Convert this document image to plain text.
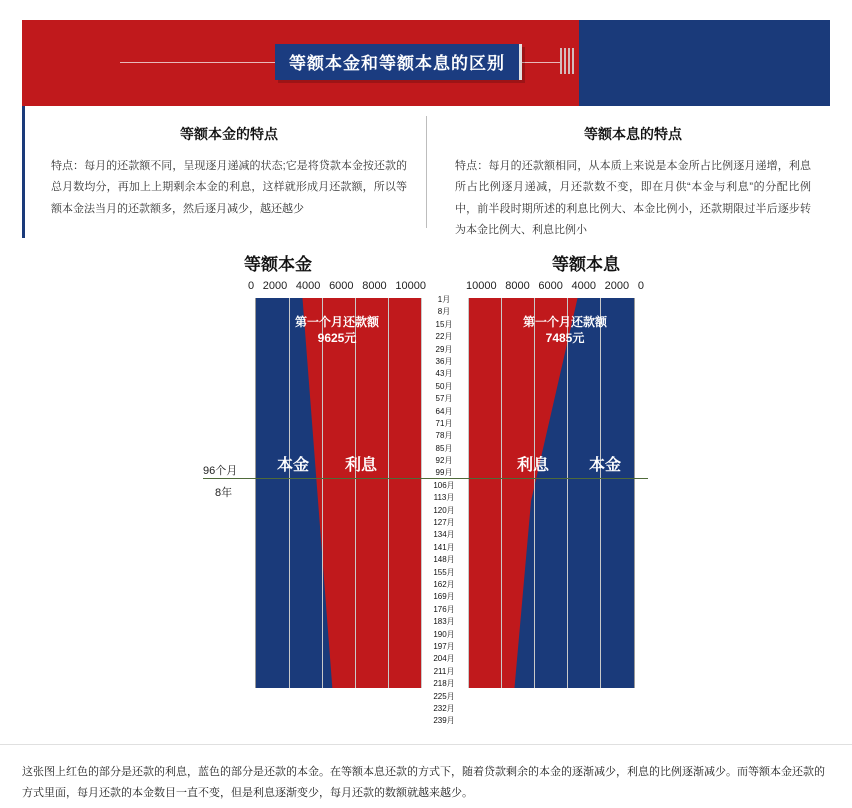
等额本金和等额本息的区别
等额本金的特点
特点：每月的还款额不同，呈现逐月递减的状态;它是将贷款本金按还款的总月数均分，再加上上期剩余本金的利息，这样就形成月还款额，所以等额本金法当月的还款额多，然后逐月减少，越还越少
等额本息的特点
特点：每月的还款额相同，从本质上来说是本金所占比例逐月递增，利息所占比例逐月递减，月还款数不变，即在月供“本金与利息”的分配比例中，前半段时期所述的利息比例大、本金比例小，还款期限过半后逐步转为本金比例大、利息比例小
等额本金	等额本息
0 2000 4000 6000 8000 10000	10000 8000 6000 4000 2000 0
1月
8月
15月
22月
29月
36月
43月
50月
57月
64月
71月
78月
85月
92月
99月
106月
113月
120月
127月
134月
141月
148月
155月
162月
169月
176月
183月
190月
197月
204月
211月
218月
225月
232月
239月
96个月
8年
第一个月还款额
9625元
第一个月还款额
7485元
最后月还款额
4189元
最后月还款额
7485元
本金	利息	利息	本金
这张图上红色的部分是还款的利息，蓝色的部分是还款的本金。在等额本息还款的方式下，随着贷款剩余的本金的逐渐减少，利息的比例逐渐减少。而等额本金还款的方式里面，每月还款的本金数目一直不变，但是利息逐渐变少，每月还款的数额就越来越少。
